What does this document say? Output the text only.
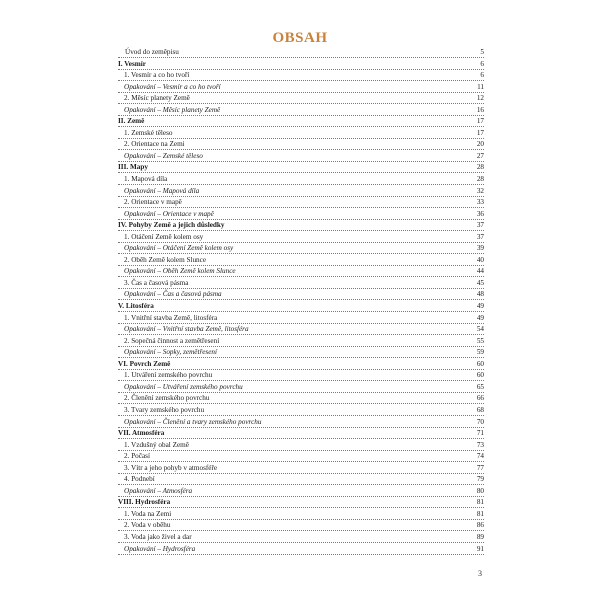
OBSAH
Úvod do zeměpisu	5
I. Vesmír	6
1. Vesmír a co ho tvoří	6
Opakování – Vesmír a co ho tvoří	11
2. Měsíc planety Země	12
Opakování – Měsíc planety Země	16
II. Země	17
1. Zemské těleso	17
2. Orientace na Zemi	20
Opakování – Zemské těleso	27
III. Mapy	28
1. Mapová díla	28
Opakování – Mapová díla	32
2. Orientace v mapě	33
Opakování – Orientace v mapě	36
IV. Pohyby Země a jejich důsledky	37
1. Otáčení Země kolem osy	37
Opakování – Otáčení Země kolem osy	39
2. Oběh Země kolem Slunce	40
Opakování – Oběh Země kolem Slunce	44
3. Čas a časová pásma	45
Opakování – Čas a časová pásma	48
V. Litosféra	49
1. Vnitřní stavba Země, litosféra	49
Opakování – Vnitřní stavba Země, litosféra	54
2. Sopečná činnost a zemětřesení	55
Opakování – Sopky, zemětřesení	59
VI. Povrch Země	60
1. Utváření zemského povrchu	60
Opakování – Utváření zemského povrchu	65
2. Členění zemského povrchu	66
3. Tvary zemského povrchu	68
Opakování – Členění a tvary zemského povrchu	70
VII. Atmosféra	71
1. Vzdušný obal Země	73
2. Počasí	74
3. Vítr a jeho pohyb v atmosféře	77
4. Podnebí	79
Opakování – Atmosféra	80
VIII. Hydrosféra	81
1. Voda na Zemi	81
2. Voda v oběhu	86
3. Voda jako živel a dar	89
Opakování – Hydrosféra	91
3
